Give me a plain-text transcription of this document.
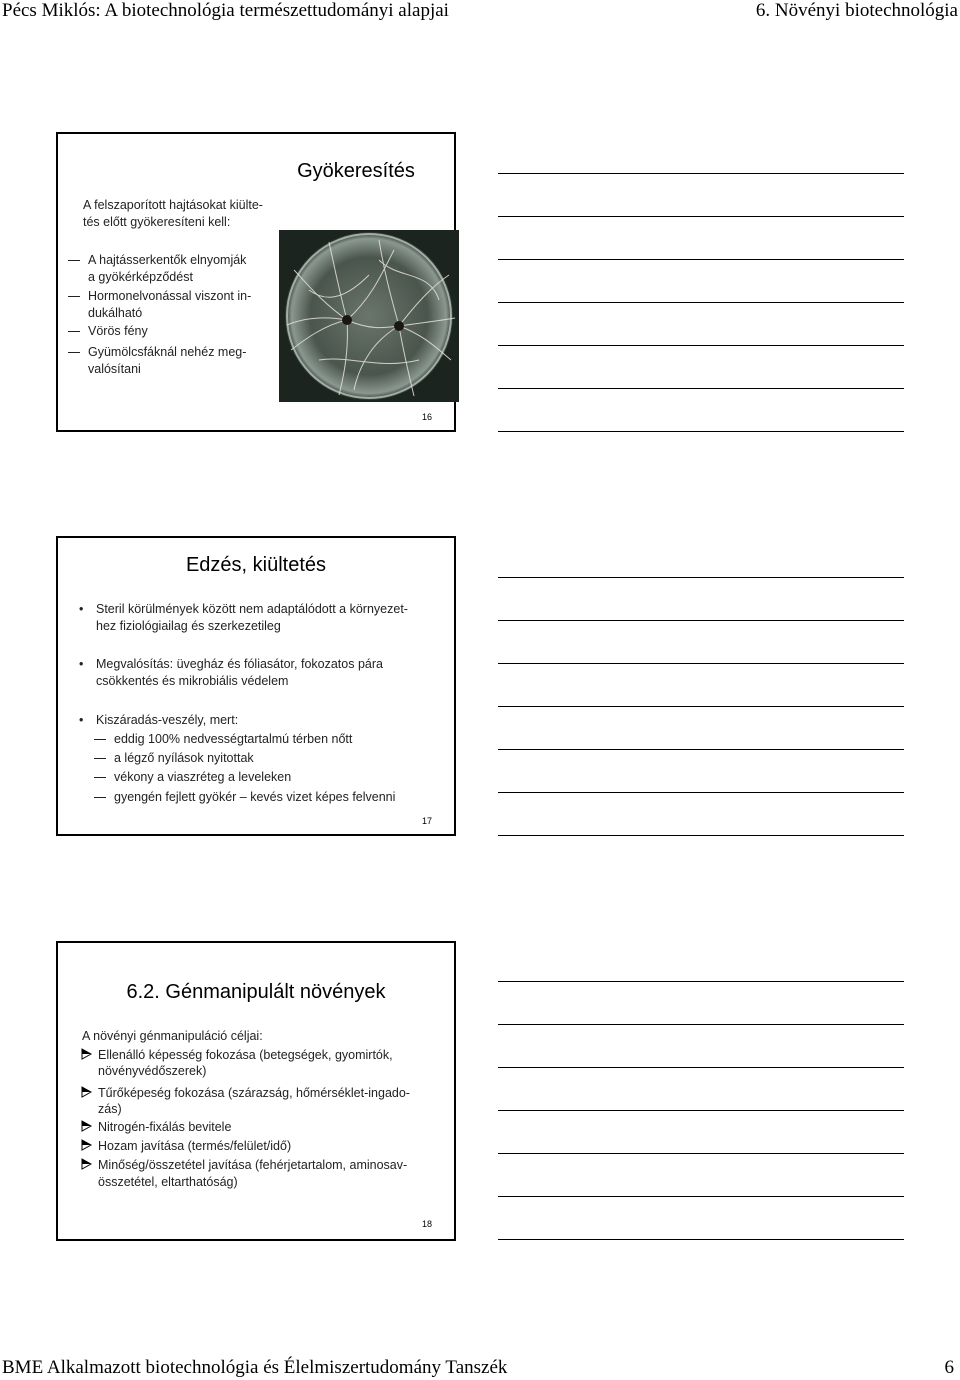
Pécs Miklós: A biotechnológia természettudományi alapjai	6. Növényi biotechnológia
Gyökeresítés
A felszaporított hajtásokat kiülte-
tés előtt gyökeresíteni kell:
A hajtásserkentők elnyomják
a gyökérképződést
Hormonelvonással viszont in-
dukálható
Vörös fény
Gyümölcsfáknál nehéz meg-
valósítani
16
Edzés, kiültetés
• Steril körülmények között nem adaptálódott a környezet-
hez fiziológiailag és szerkezetileg
• Megvalósítás: üvegház és fóliasátor, fokozatos pára
csökkentés és mikrobiális védelem
• Kiszáradás-veszély, mert:
eddig 100% nedvességtartalmú térben nőtt
a légző nyílások nyitottak
vékony a viaszréteg a leveleken
gyengén fejlett gyökér – kevés vizet képes felvenni
17
6.2. Génmanipulált növények
A növényi génmanipuláció céljai:
Ellenálló képesség fokozása (betegségek, gyomirtók,
növényvédőszerek)
Tűrőképeség fokozása (szárazság, hőmérséklet-ingado-
zás)
Nitrogén-fixálás bevitele
Hozam javítása (termés/felület/idő)
Minőség/összetétel javítása (fehérjetartalom, aminosav-
összetétel, eltarthatóság)
18
BME Alkalmazott biotechnológia és Élelmiszertudomány Tanszék	6
